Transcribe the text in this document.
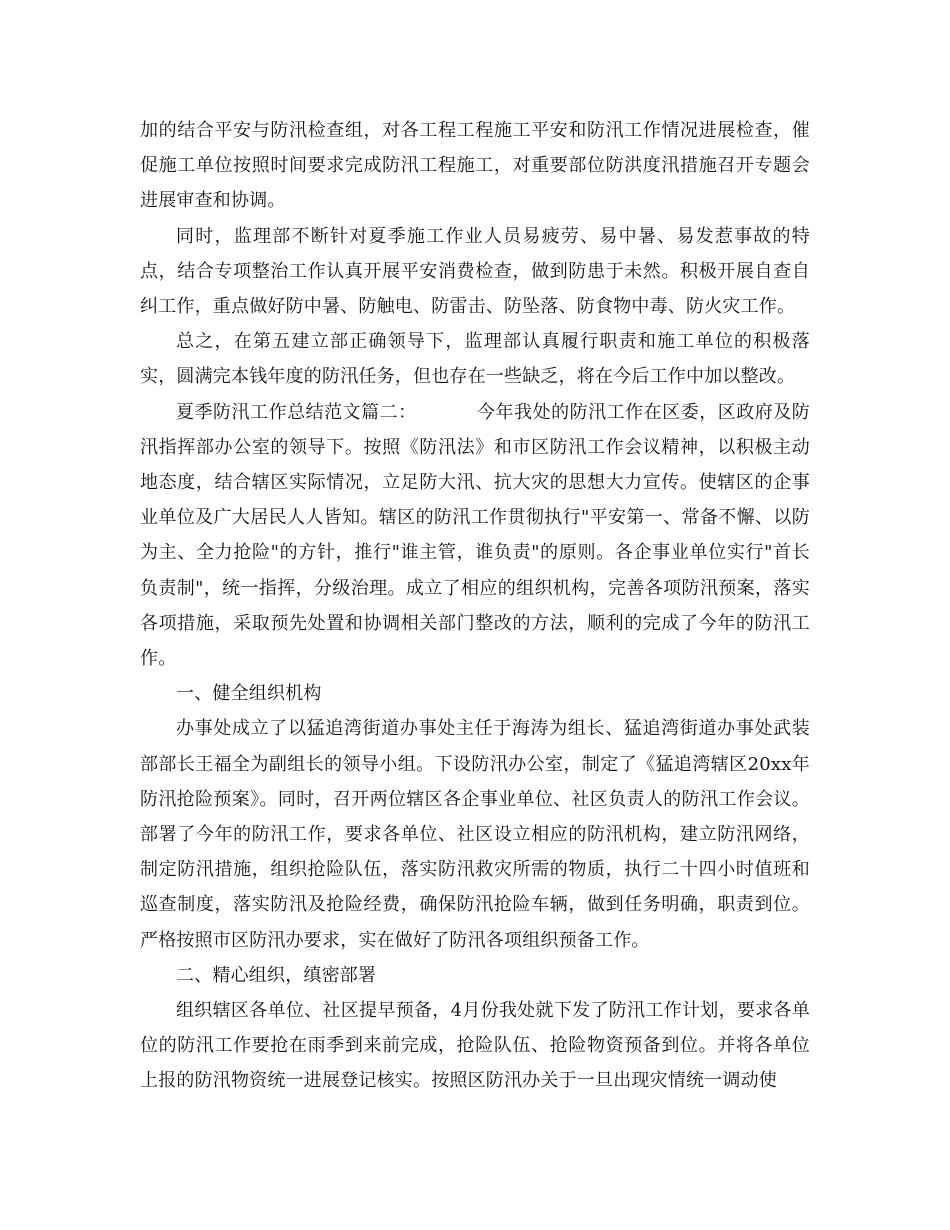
加的结合平安与防汛检查组，对各工程工程施工平安和防汛工作情况进展检查，催促施工单位按照时间要求完成防汛工程施工，对重要部位防洪度汛措施召开专题会进展审查和协调。

同时，监理部不断针对夏季施工作业人员易疲劳、易中暑、易发惹事故的特点，结合专项整治工作认真开展平安消费检查，做到防患于未然。积极开展自查自纠工作，重点做好防中暑、防触电、防雷击、防坠落、防食物中毒、防火灾工作。

总之，在第五建立部正确领导下，监理部认真履行职责和施工单位的积极落实，圆满完本钱年度的防汛任务，但也存在一些缺乏，将在今后工作中加以整改。

夏季防汛工作总结范文篇二：	今年我处的防汛工作在区委，区政府及防汛指挥部办公室的领导下。按照《防汛法》和市区防汛工作会议精神，以积极主动地态度，结合辖区实际情况，立足防大汛、抗大灾的思想大力宣传。使辖区的企事业单位及广大居民人人皆知。辖区的防汛工作贯彻执行"平安第一、常备不懈、以防为主、全力抢险"的方针，推行"谁主管，谁负责"的原则。各企事业单位实行"首长负责制"，统一指挥，分级治理。成立了相应的组织机构，完善各项防汛预案，落实各项措施，采取预先处置和协调相关部门整改的方法，顺利的完成了今年的防汛工作。

一、健全组织机构

办事处成立了以猛追湾街道办事处主任于海涛为组长、猛追湾街道办事处武装部部长王福全为副组长的领导小组。下设防汛办公室，制定了《猛追湾辖区20xx年防汛抢险预案》。同时，召开两位辖区各企事业单位、社区负责人的防汛工作会议。部署了今年的防汛工作，要求各单位、社区设立相应的防汛机构，建立防汛网络，制定防汛措施，组织抢险队伍，落实防汛救灾所需的物质，执行二十四小时值班和巡查制度，落实防汛及抢险经费，确保防汛抢险车辆，做到任务明确，职责到位。严格按照市区防汛办要求，实在做好了防汛各项组织预备工作。

二、精心组织，缜密部署

组织辖区各单位、社区提早预备，4月份我处就下发了防汛工作计划，要求各单位的防汛工作要抢在雨季到来前完成，抢险队伍、抢险物资预备到位。并将各单位上报的防汛物资统一进展登记核实。按照区防汛办关于一旦出现灾情统一调动使
